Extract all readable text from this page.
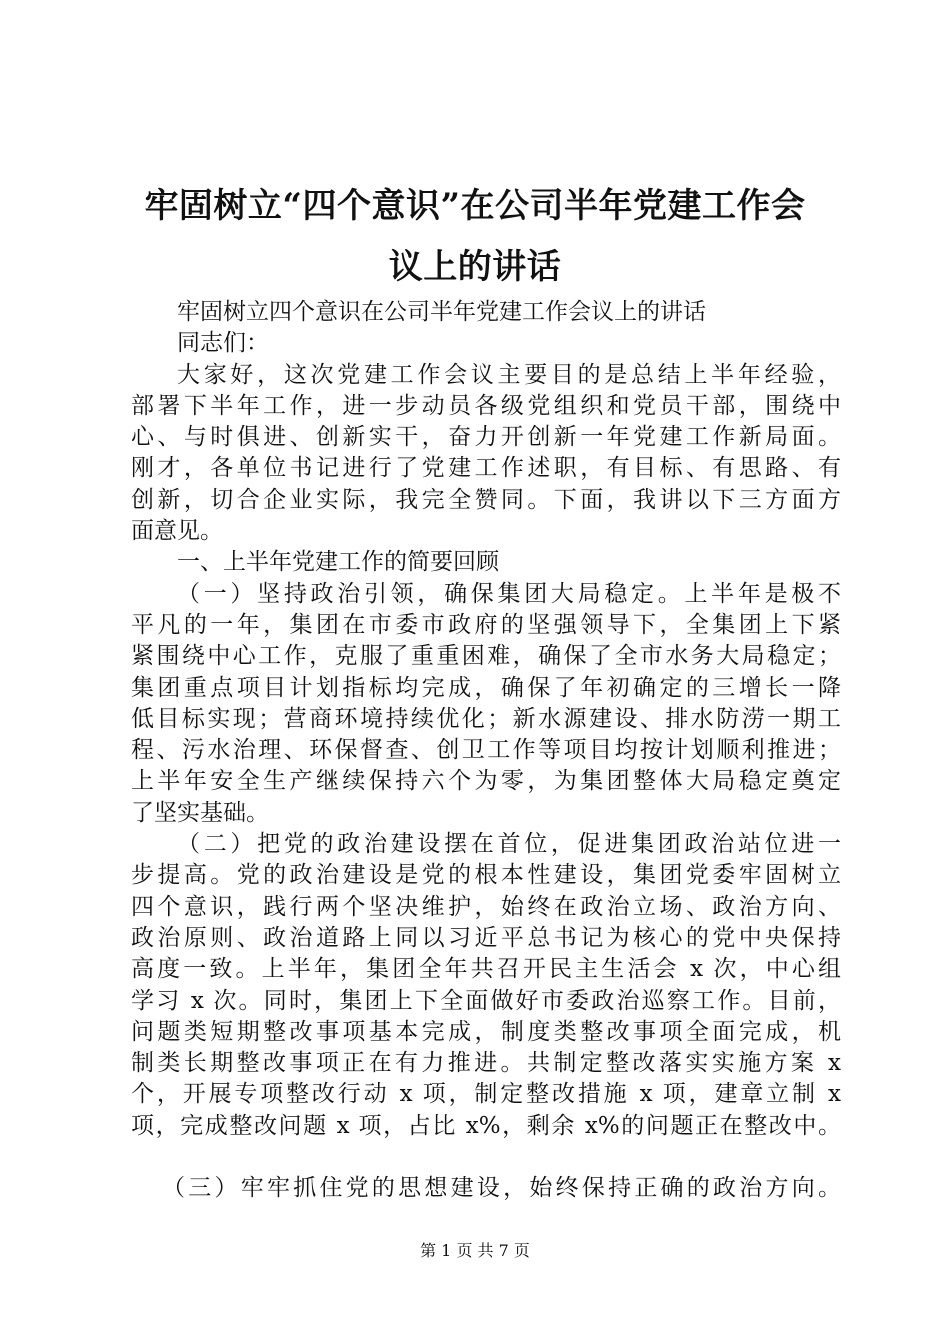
牢固树立“四个意识”在公司半年党建工作会
议上的讲话
牢固树立四个意识在公司半年党建工作会议上的讲话
同志们：
大家好，这次党建工作会议主要目的是总结上半年经验，
部署下半年工作，进一步动员各级党组织和党员干部，围绕中
心、与时俱进、创新实干，奋力开创新一年党建工作新局面。
刚才，各单位书记进行了党建工作述职，有目标、有思路、有
创新，切合企业实际，我完全赞同。下面，我讲以下三方面方
面意见。
一、上半年党建工作的简要回顾
（一）坚持政治引领，确保集团大局稳定。上半年是极不
平凡的一年，集团在市委市政府的坚强领导下，全集团上下紧
紧围绕中心工作，克服了重重困难，确保了全市水务大局稳定；
集团重点项目计划指标均完成，确保了年初确定的三增长一降
低目标实现；营商环境持续优化；新水源建设、排水防涝一期工
程、污水治理、环保督查、创卫工作等项目均按计划顺利推进；
上半年安全生产继续保持六个为零，为集团整体大局稳定奠定
了坚实基础。
（二）把党的政治建设摆在首位，促进集团政治站位进一
步提高。党的政治建设是党的根本性建设，集团党委牢固树立
四个意识，践行两个坚决维护，始终在政治立场、政治方向、
政治原则、政治道路上同以习近平总书记为核心的党中央保持
高度一致。上半年，集团全年共召开民主生活会 x 次，中心组
学习 x 次。同时，集团上下全面做好市委政治巡察工作。目前，
问题类短期整改事项基本完成，制度类整改事项全面完成，机
制类长期整改事项正在有力推进。共制定整改落实实施方案 x
个，开展专项整改行动 x 项，制定整改措施 x 项，建章立制 x
项，完成整改问题 x 项，占比 x%，剩余 x%的问题正在整改中。
（三）牢牢抓住党的思想建设，始终保持正确的政治方向。
第 1 页 共 7 页
